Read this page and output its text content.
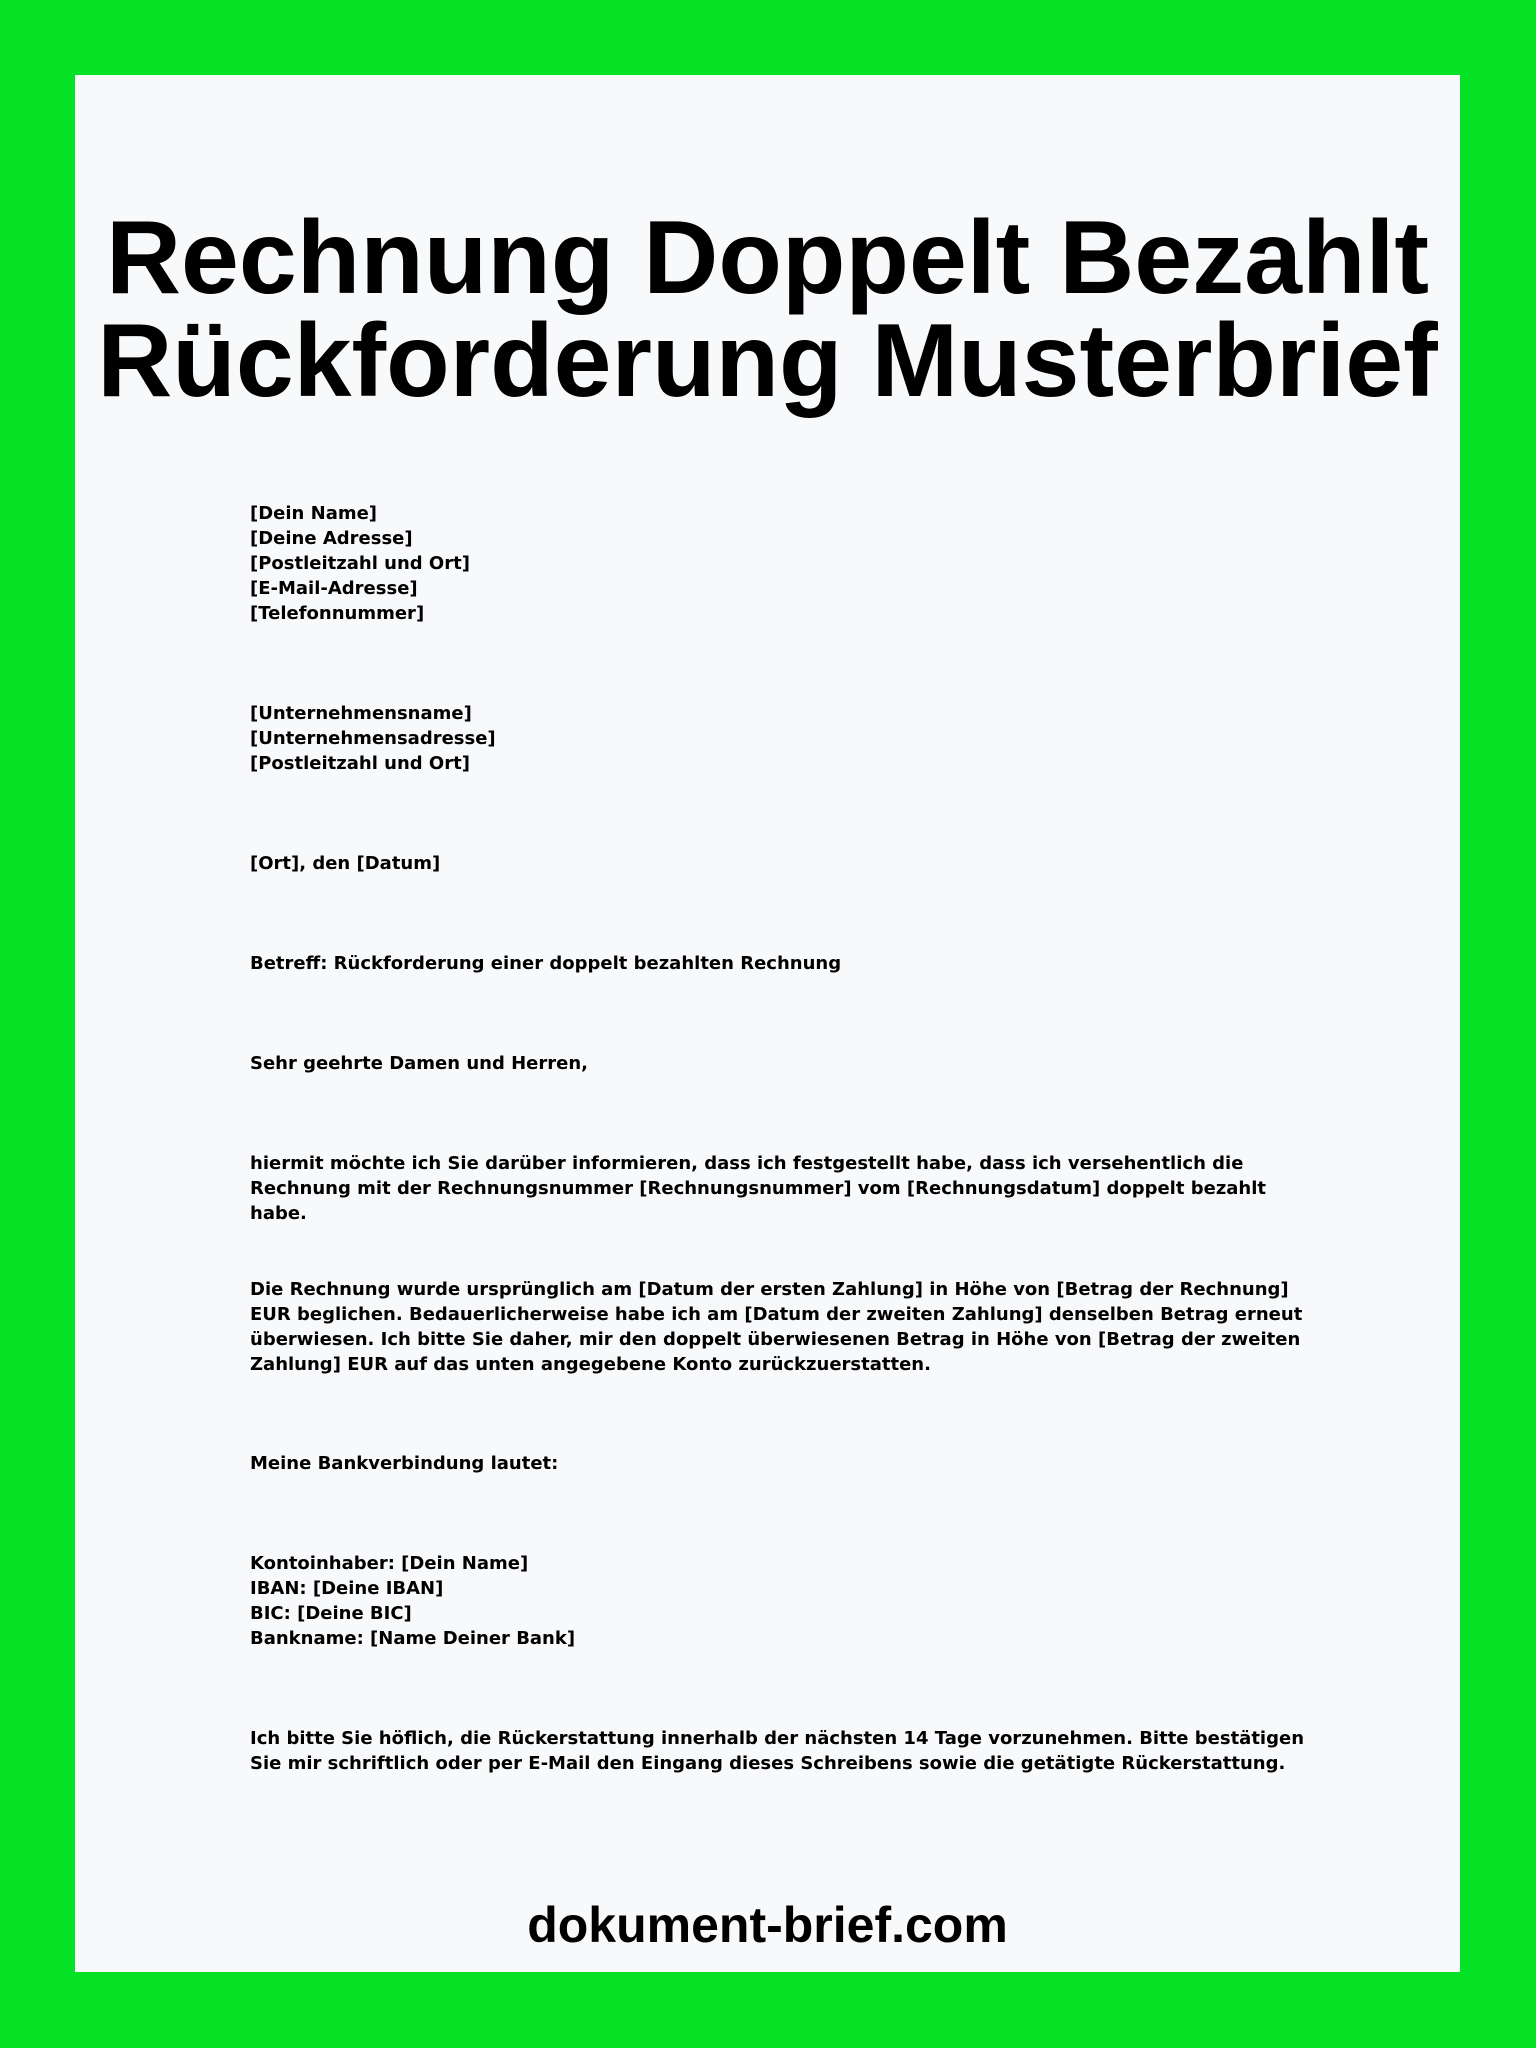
Rechnung Doppelt Bezahlt
Rückforderung Musterbrief
[Dein Name]
[Deine Adresse]
[Postleitzahl und Ort]
[E-Mail-Adresse]
[Telefonnummer]
[Unternehmensname]
[Unternehmensadresse]
[Postleitzahl und Ort]
[Ort], den [Datum]
Betreff: Rückforderung einer doppelt bezahlten Rechnung
Sehr geehrte Damen und Herren,
hiermit möchte ich Sie darüber informieren, dass ich festgestellt habe, dass ich versehentlich die Rechnung mit der Rechnungsnummer [Rechnungsnummer] vom [Rechnungsdatum] doppelt bezahlt habe.
Die Rechnung wurde ursprünglich am [Datum der ersten Zahlung] in Höhe von [Betrag der Rechnung] EUR beglichen. Bedauerlicherweise habe ich am [Datum der zweiten Zahlung] denselben Betrag erneut überwiesen. Ich bitte Sie daher, mir den doppelt überwiesenen Betrag in Höhe von [Betrag der zweiten Zahlung] EUR auf das unten angegebene Konto zurückzuerstatten.
Meine Bankverbindung lautet:
Kontoinhaber: [Dein Name]
IBAN: [Deine IBAN]
BIC: [Deine BIC]
Bankname: [Name Deiner Bank]
Ich bitte Sie höflich, die Rückerstattung innerhalb der nächsten 14 Tage vorzunehmen. Bitte bestätigen Sie mir schriftlich oder per E-Mail den Eingang dieses Schreibens sowie die getätigte Rückerstattung.
dokument-brief.com
